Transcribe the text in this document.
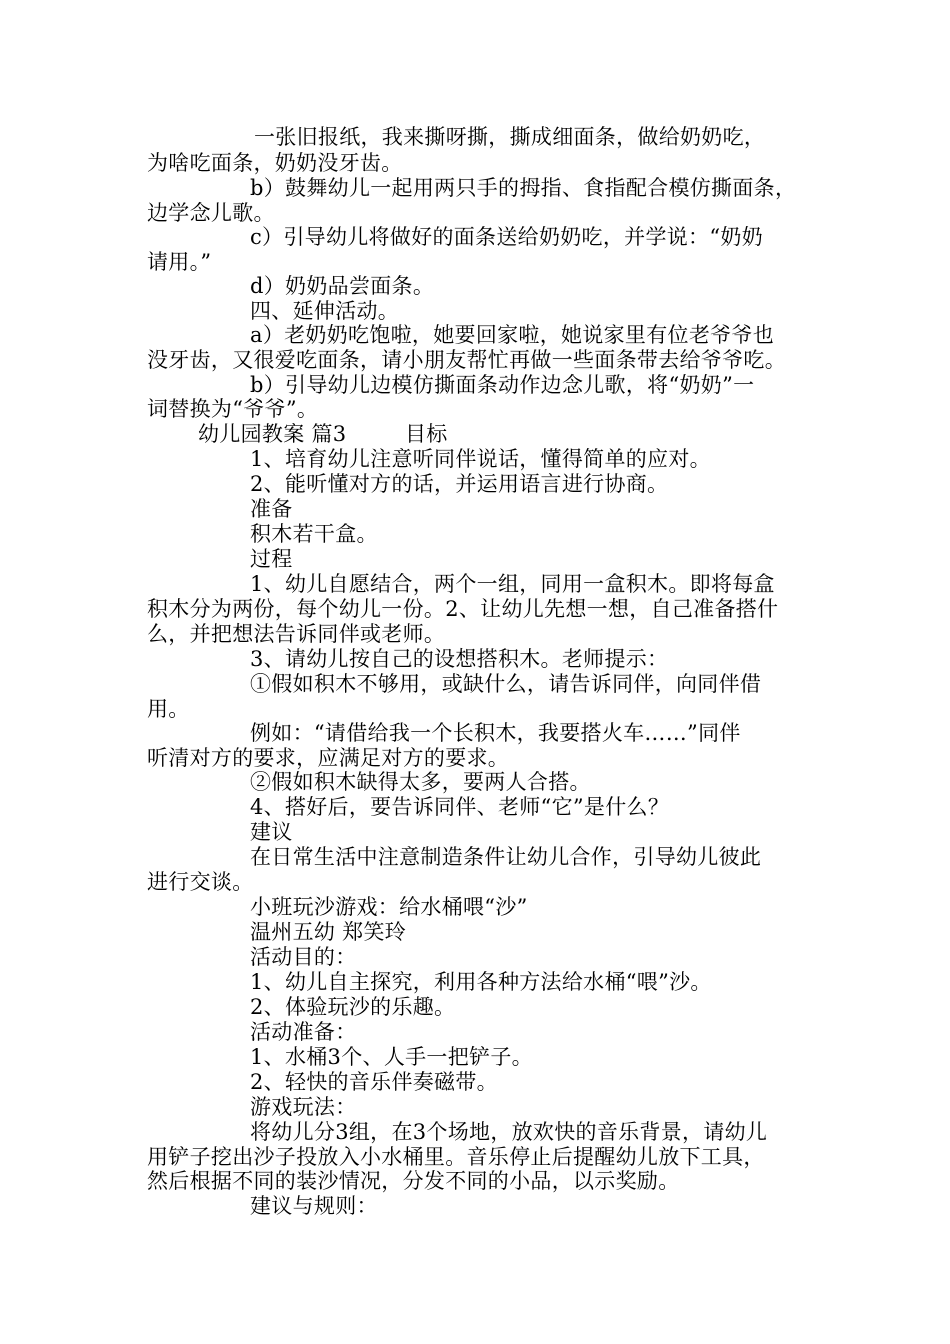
一张旧报纸，我来撕呀撕，撕成细面条，做给奶奶吃，
为啥吃面条，奶奶没牙齿。
b）鼓舞幼儿一起用两只手的拇指、食指配合模仿撕面条，
边学念儿歌。
c）引导幼儿将做好的面条送给奶奶吃，并学说：“奶奶
请用。”
d）奶奶品尝面条。
四、延伸活动。
a）老奶奶吃饱啦，她要回家啦，她说家里有位老爷爷也
没牙齿，又很爱吃面条，请小朋友帮忙再做一些面条带去给爷爷吃。
b）引导幼儿边模仿撕面条动作边念儿歌，将“奶奶”一
词替换为“爷爷”。
幼儿园教案 篇3	目标
1、培育幼儿注意听同伴说话，懂得简单的应对。
2、能听懂对方的话，并运用语言进行协商。
准备
积木若干盒。
过程
1、幼儿自愿结合，两个一组，同用一盒积木。即将每盒
积木分为两份，每个幼儿一份。2、让幼儿先想一想，自己准备搭什
么，并把想法告诉同伴或老师。
3、请幼儿按自己的设想搭积木。老师提示：
①假如积木不够用，或缺什么，请告诉同伴，向同伴借
用。
例如：“请借给我一个长积木，我要搭火车……”同伴
听清对方的要求，应满足对方的要求。
②假如积木缺得太多，要两人合搭。
4、搭好后，要告诉同伴、老师“它”是什么？
建议
在日常生活中注意制造条件让幼儿合作，引导幼儿彼此
进行交谈。
小班玩沙游戏：给水桶喂“沙”
温州五幼 郑笑玲
活动目的：
1、幼儿自主探究，利用各种方法给水桶“喂”沙。
2、体验玩沙的乐趣。
活动准备：
1、水桶3个、人手一把铲子。
2、轻快的音乐伴奏磁带。
游戏玩法：
将幼儿分3组，在3个场地，放欢快的音乐背景，请幼儿
用铲子挖出沙子投放入小水桶里。音乐停止后提醒幼儿放下工具，
然后根据不同的装沙情况，分发不同的小品，以示奖励。
建议与规则：
